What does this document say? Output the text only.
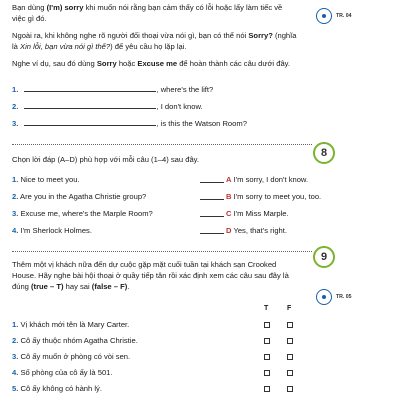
Bạn dùng (I'm) sorry khi muốn nói rằng bạn cảm thấy có lỗi hoặc lấy làm tiếc về việc gì đó.	TR. 04

Ngoài ra, khi không nghe rõ người đối thoại vừa nói gì, bạn có thể nói Sorry? (nghĩa là Xin lỗi, bạn vừa nói gì thế?) để yêu cầu họ lặp lại.

Nghe ví dụ, sau đó dùng Sorry hoặc Excuse me để hoàn thành các câu dưới đây.

1.	, where's the lift?
2.	, I don't know.
3.	, is this the Watson Room?
8

Chọn lời đáp (A–D) phù hợp với mỗi câu (1–4) sau đây.

1. Nice to meet you.	A I'm sorry, I don't know.
2. Are you in the Agatha Christie group?	B I'm sorry to meet you, too.
3. Excuse me, where's the Marple Room?	C I'm Miss Marple.
4. I'm Sherlock Holmes.	D Yes, that's right.
9

Thêm một vị khách nữa đến dự cuộc gặp mặt cuối tuần tại khách sạn Crooked House. Hãy nghe bài hội thoại ở quầy tiếp tân rồi xác định xem các câu sau đây là đúng (true – T) hay sai (false – F).

TR. 05
T	F
1. Vị khách mới tên là Mary Carter.
2. Cô ấy thuộc nhóm Agatha Christie.
3. Cô ấy muốn ở phòng có vòi sen.
4. Số phòng của cô ấy là 501.
5. Cô ấy không có hành lý.
